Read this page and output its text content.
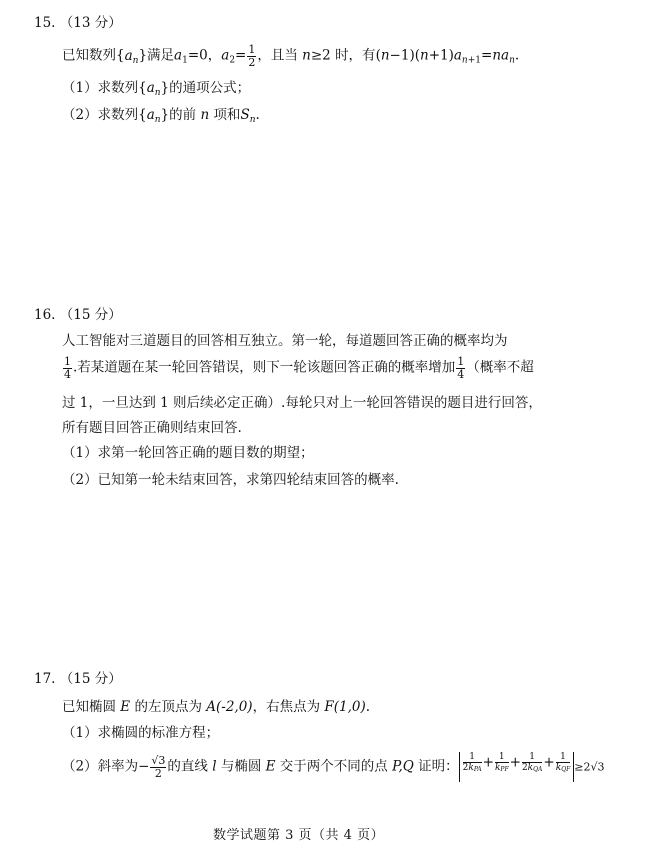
15. （13 分）
已知数列$\{a_n\}$满足$a_1=0$，$a_2= \frac{1}{2}$ ，且当 n≥2 时，有$(n-1)(n+1)a_{n+1}=na_n$.
（1）求数列$\{a_n\}$的通项公式；
（2）求数列$\{a_n\}$的前 n 项和$S_n$.
16. （15 分）
人工智能对三道题目的回答相互独立。第一轮，每道题回答正确的概率均为
$\frac{1}{4}$ .若某道题在某一轮回答错误，则下一轮该题回答正确的概率增加 $\frac{1}{4}$ （概率不超
过 1，一旦达到 1 则后续必定正确）.每轮只对上一轮回答错误的题目进行回答，
所有题目回答正确则结束回答.
（1）求第一轮回答正确的题目数的期望；
（2）已知第一轮未结束回答，求第四轮结束回答的概率.
17. （15 分）
已知椭圆 E 的左顶点为 A(-2,0)，右焦点为 F(1,0).
（1）求椭圆的标准方程；
（2）斜率为− $\frac{√3}{2}$ 的直线 l 与椭圆 E 交于两个不同的点 P,Q 证明：
1
$2k_{PA} + 1$
$k_{PF} + 1$
$2k_{QA} + 1$
$k_{QF} \ge 2√3$
数学试题第 3 页（共 4 页）
